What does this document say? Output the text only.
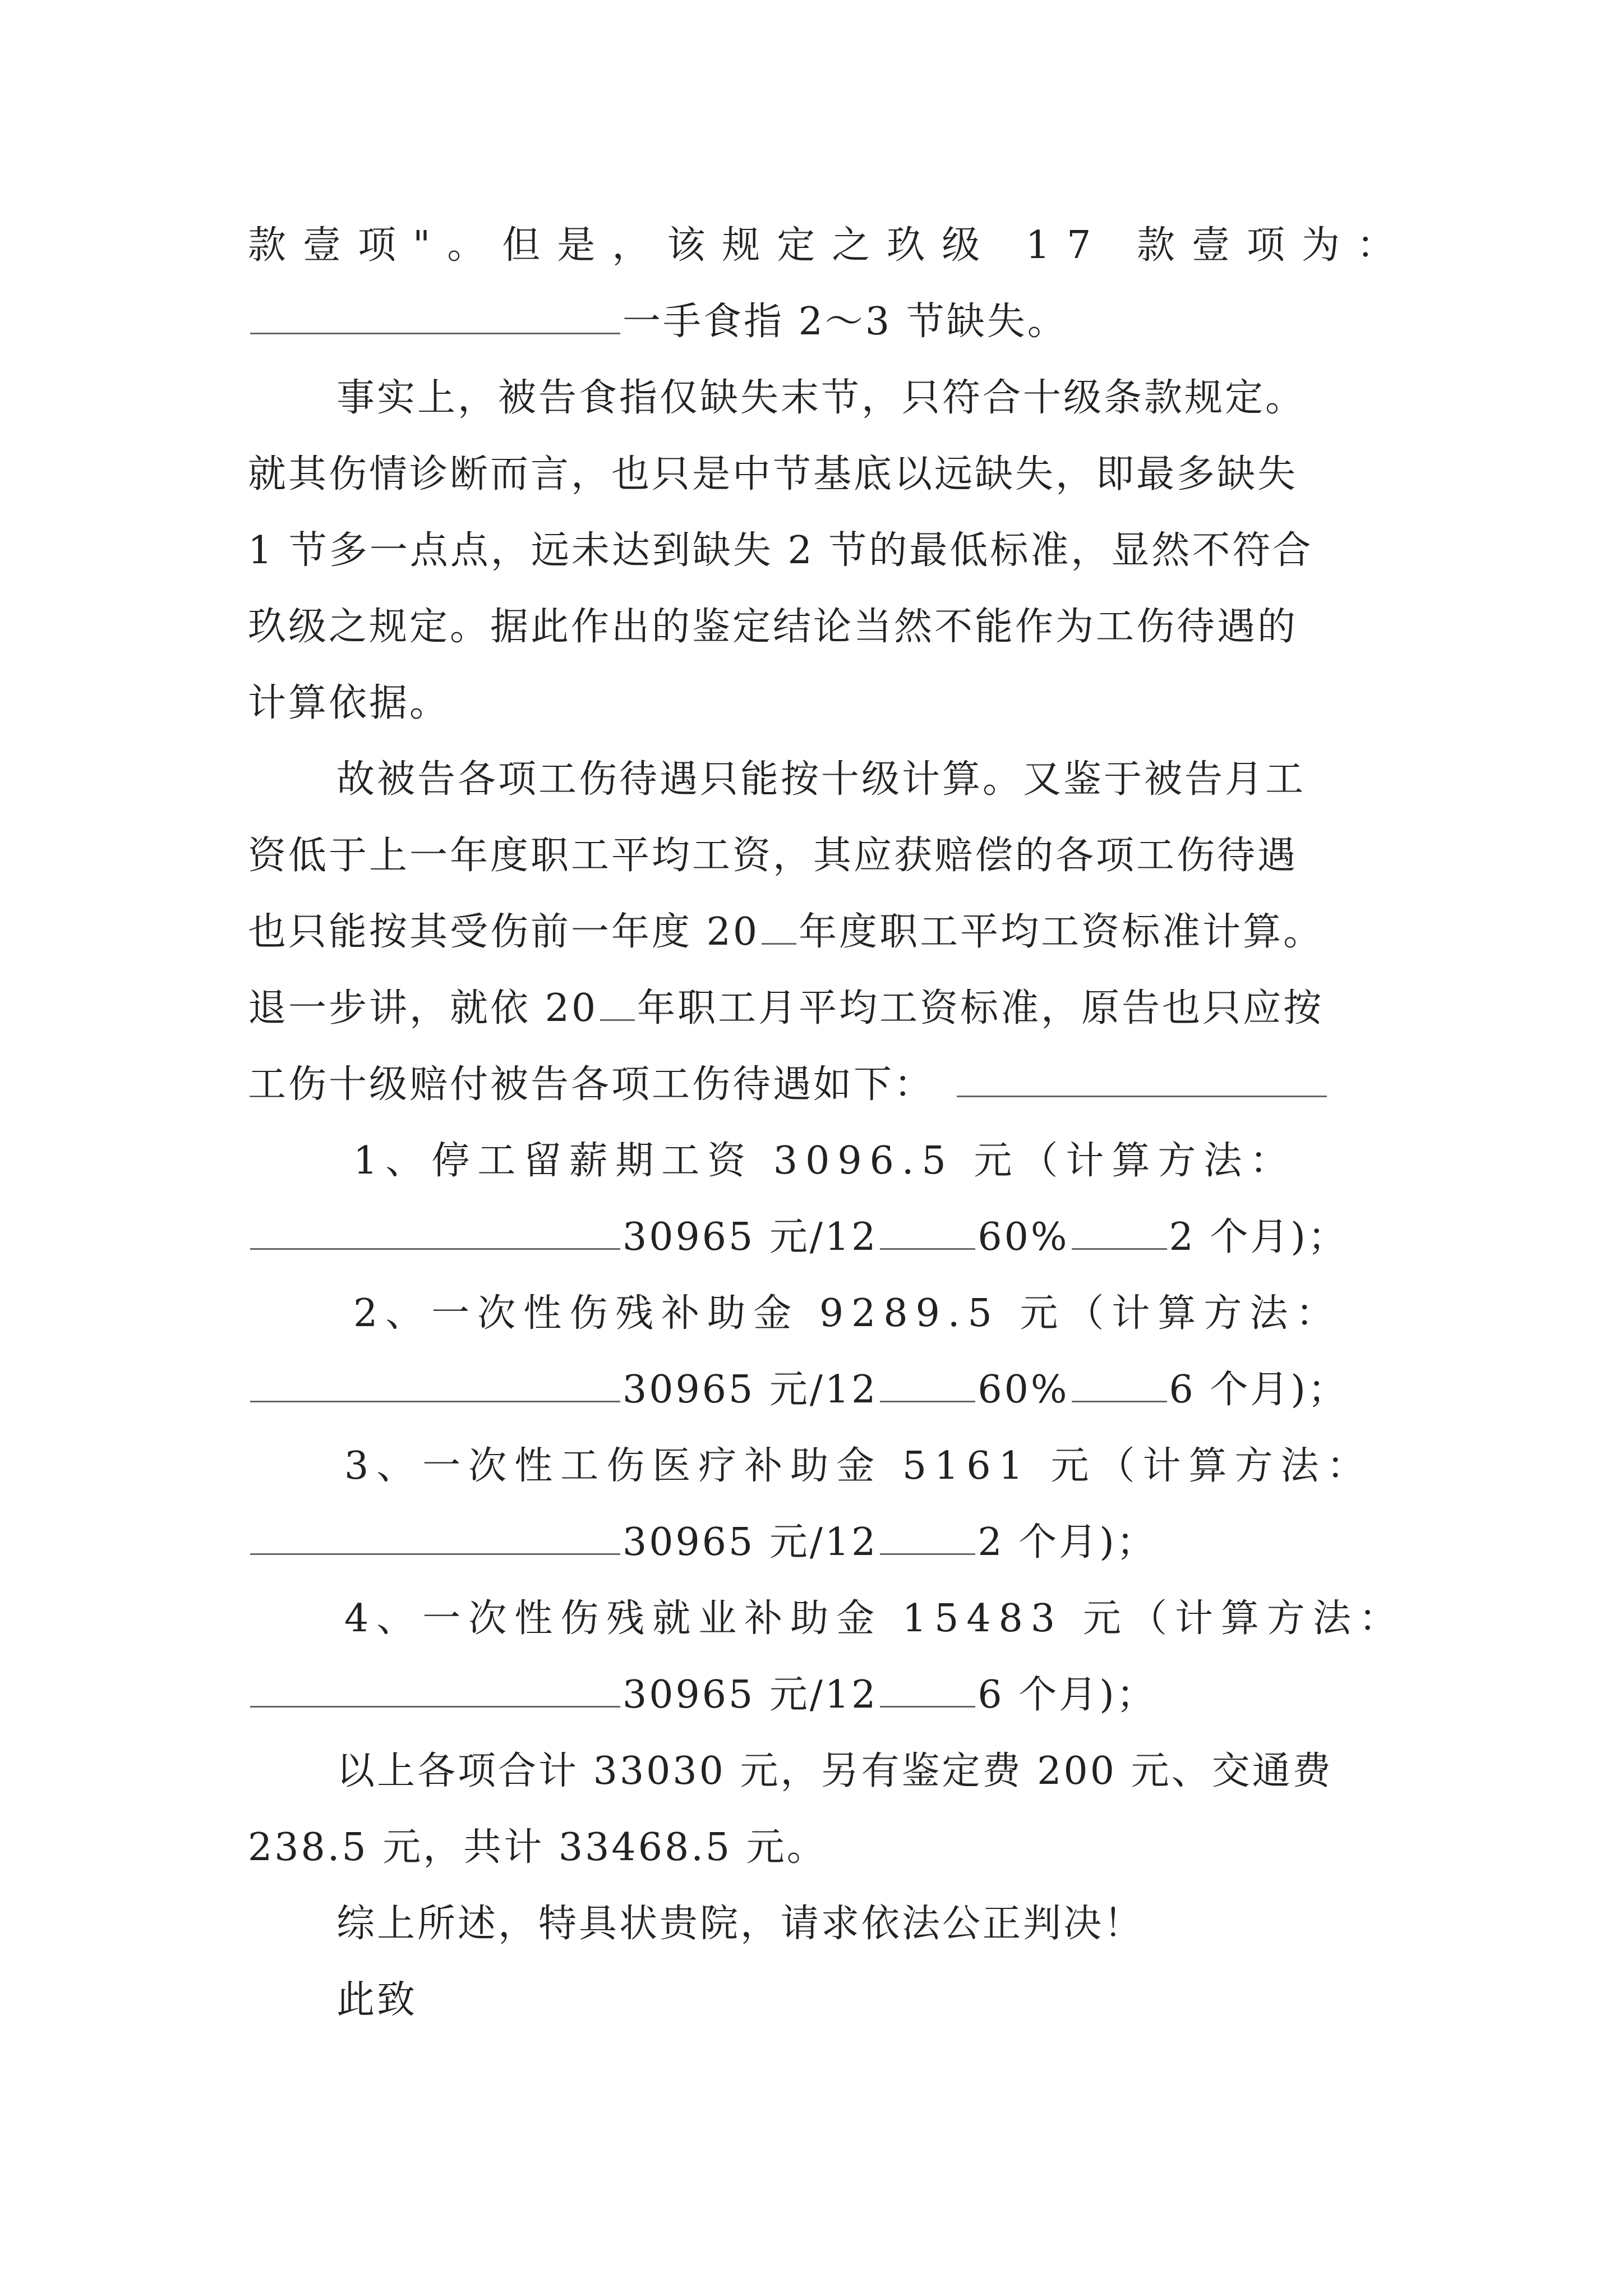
款壹项"。但是，该规定之玖级 17 款壹项为：
一手食指 2～3 节缺失。
事实上，被告食指仅缺失末节，只符合十级条款规定。
就其伤情诊断而言，也只是中节基底以远缺失，即最多缺失
1 节多一点点，远未达到缺失 2 节的最低标准，显然不符合
玖级之规定。据此作出的鉴定结论当然不能作为工伤待遇的
计算依据。
故被告各项工伤待遇只能按十级计算。又鉴于被告月工
资低于上一年度职工平均工资，其应获赔偿的各项工伤待遇
也只能按其受伤前一年度 20 年度职工平均工资标准计算。
退一步讲，就依 20 年职工月平均工资标准，原告也只应按
工伤十级赔付被告各项工伤待遇如下：
1、停工留薪期工资 3096.5 元（计算方法：
30965 元/12	60%	2 个月)；
2、一次性伤残补助金 9289.5 元（计算方法：
30965 元/12	60%	6 个月)；
3、一次性工伤医疗补助金 5161 元（计算方法：
30965 元/12	2 个月)；
4、一次性伤残就业补助金 15483 元（计算方法：
30965 元/12	6 个月)；
以上各项合计 33030 元，另有鉴定费 200 元、交通费
238.5 元，共计 33468.5 元。
综上所述，特具状贵院，请求依法公正判决！
此致
